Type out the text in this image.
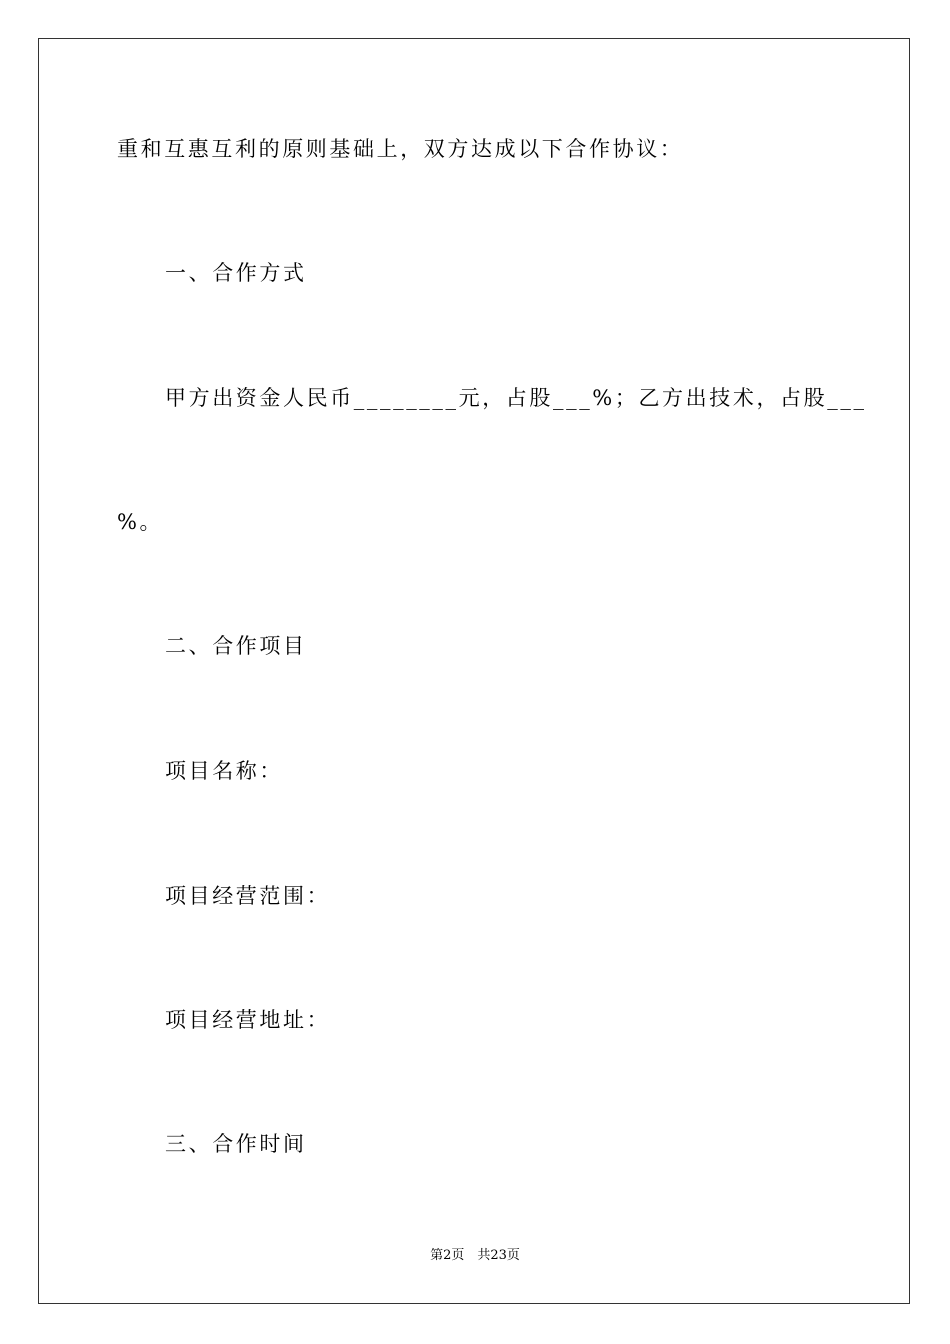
重和互惠互利的原则基础上，双方达成以下合作协议：
一、合作方式
甲方出资金人民币________元，占股___%；乙方出技术，占股___
%。
二、合作项目
项目名称：
项目经营范围：
项目经营地址：
三、合作时间
第2页　共23页
